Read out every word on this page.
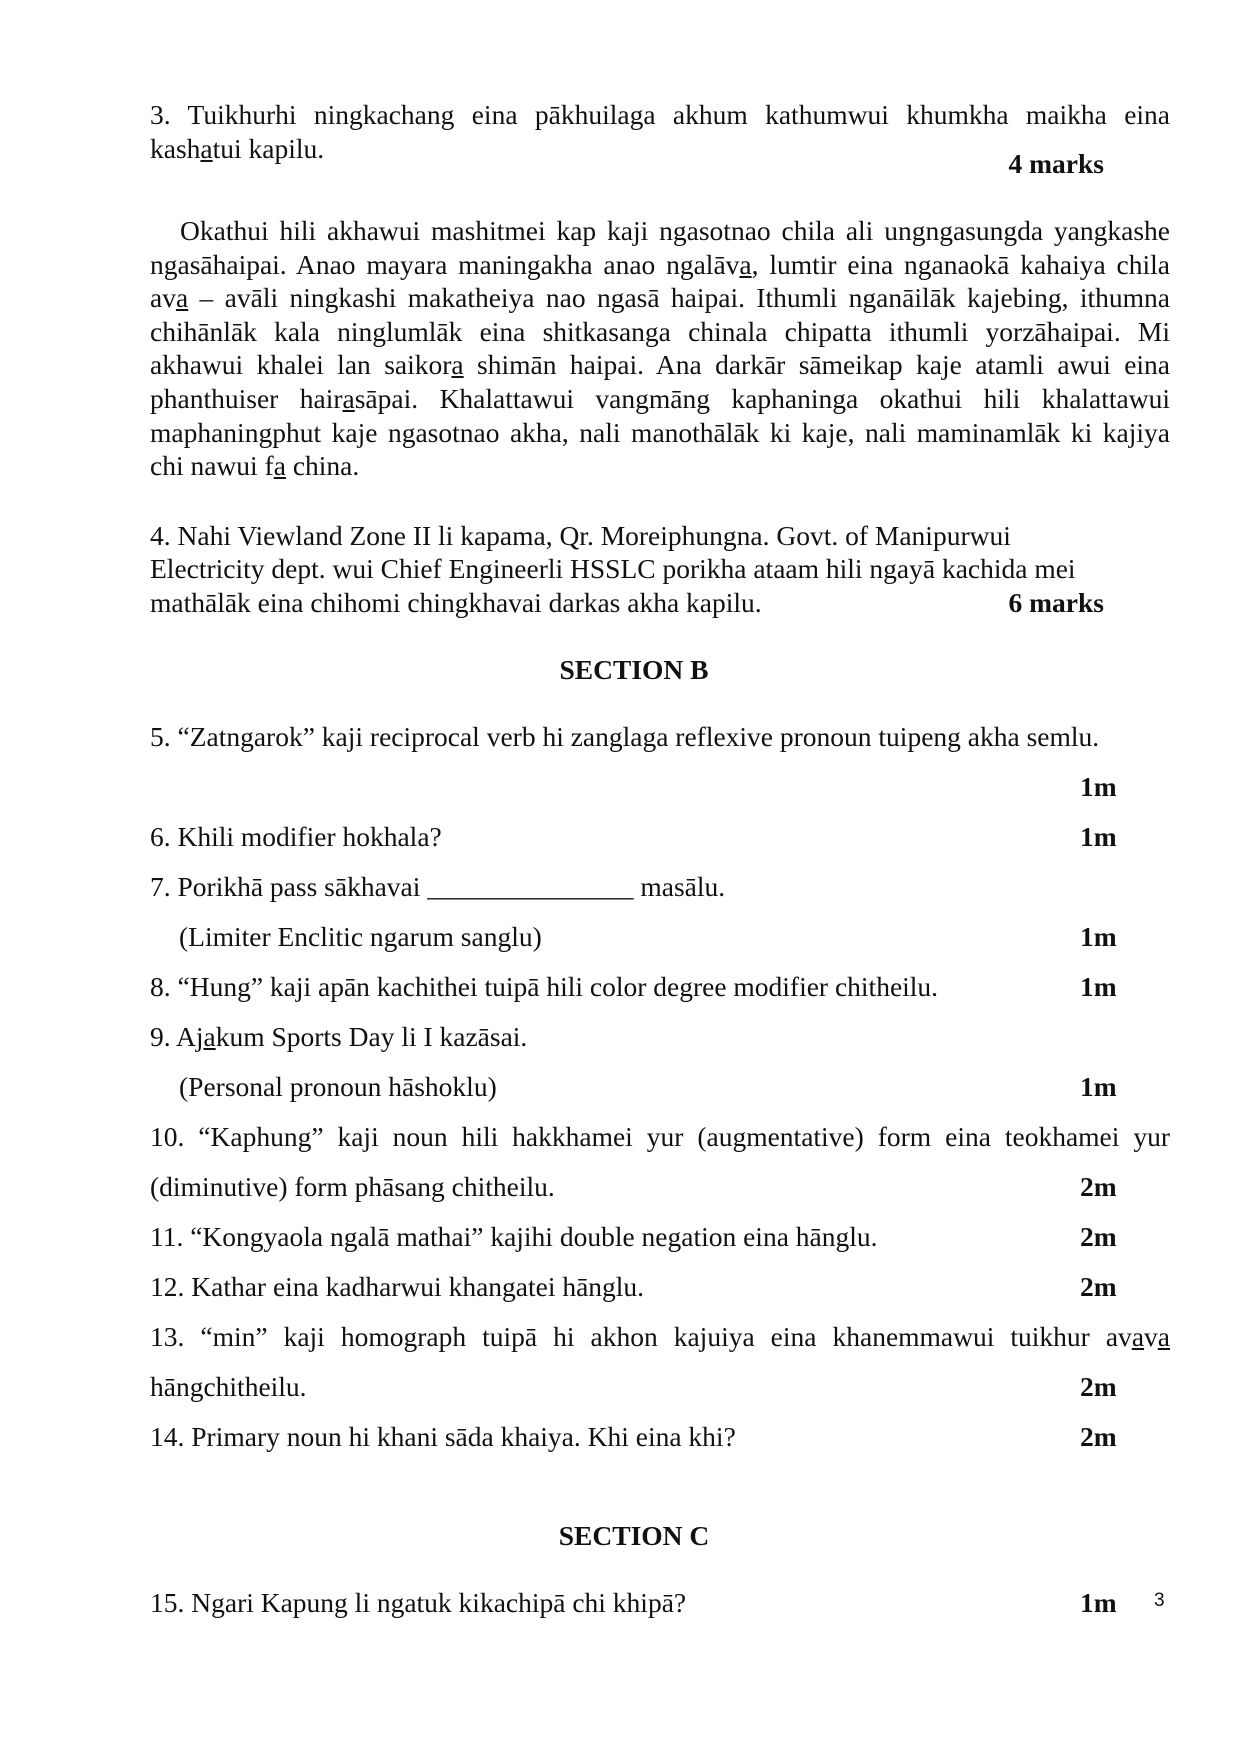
3. Tuikhurhi ningkachang eina pākhuilaga akhum kathumwui khumkha maikha eina kashatui kapilu.	4 marks

Okathui hili akhawui mashitmei kap kaji ngasotnao chila ali ungngasungda yangkashe ngasāhaipai. Anao mayara maningakha anao ngalāva, lumtir eina nganaokā kahaiya chila ava – avāli ningkashi makatheiya nao ngasā haipai. Ithumli nganāilāk kajebing, ithumna chihānlāk kala ninglumlāk eina shitkasanga chinala chipatta ithumli yorzāhaipai. Mi akhawui khalei lan saikora shimān haipai. Ana darkār sāmeikap kaje atamli awui eina phanthuiser hairasāpai. Khalattawui vangmāng kaphaninga okathui hili khalattawui maphaningphut kaje ngasotnao akha, nali manothālāk ki kaje, nali maminamlāk ki kajiya chi nawui fa china.

4. Nahi Viewland Zone II li kapama, Qr. Moreiphungna. Govt. of Manipurwui

Electricity dept. wui Chief Engineerli HSSLC porikha ataam hili ngayā kachida mei

mathālāk eina chihomi chingkhavai darkas akha kapilu.	6 marks

SECTION B

5. “Zatngarok” kaji reciprocal verb hi zanglaga reflexive pronoun tuipeng akha semlu.

1m

6. Khili modifier hokhala?	1m

7. Porikhā pass sākhavai _______________ masālu.

(Limiter Enclitic ngarum sanglu)	1m

8. “Hung” kaji apān kachithei tuipā hili color degree modifier chitheilu.	1m

9. Ajakum Sports Day li I kazāsai.

(Personal pronoun hāshoklu)	1m

10. “Kaphung” kaji noun hili hakkhamei yur (augmentative) form eina teokhamei yur

(diminutive) form phāsang chitheilu.	2m

11. “Kongyaola ngalā mathai” kajihi double negation eina hānglu.	2m

12. Kathar eina kadharwui khangatei hānglu.	2m

13. “min” kaji homograph tuipā hi akhon kajuiya eina khanemmawui tuikhur avava

hāngchitheilu.	2m

14. Primary noun hi khani sāda khaiya. Khi eina khi?	2m

SECTION C

15. Ngari Kapung li ngatuk kikachipā chi khipā?	1m 3
